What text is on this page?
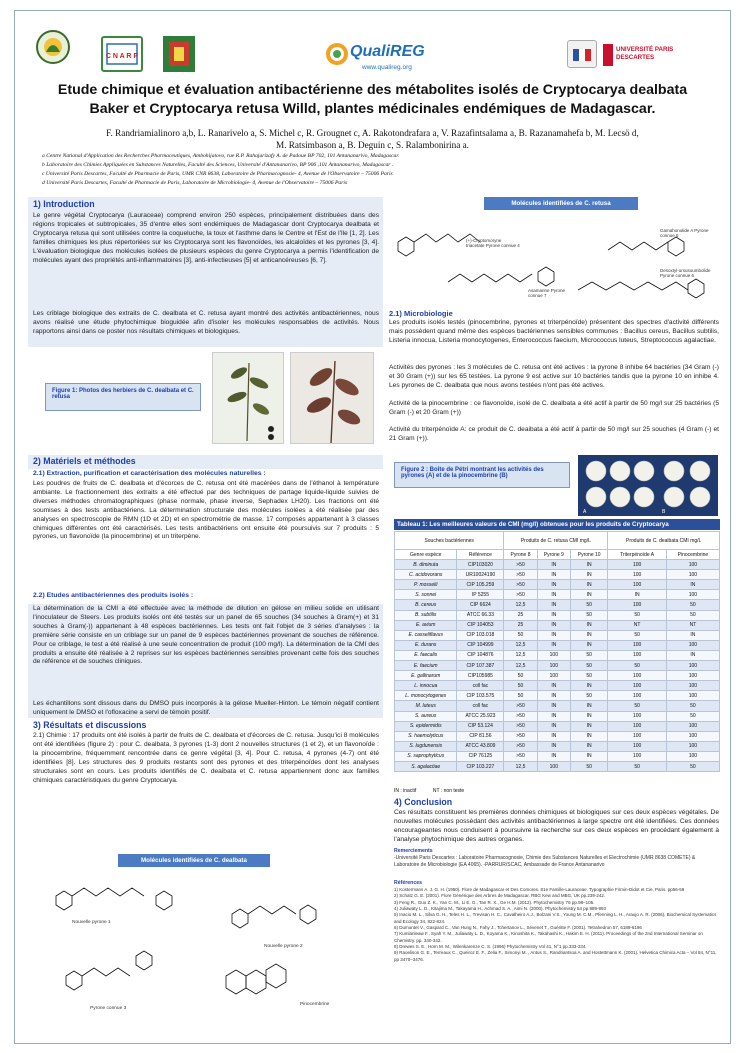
C N A R P	QualiREG
www.qualireg.org
UNIVERSITÉ PARIS DESCARTES
Etude chimique et évaluation antibactérienne des métabolites isolés de Cryptocarya dealbata
Baker et Cryptocarya retusa Willd, plantes médicinales endémiques de Madagascar.
F. Randriamialinoro a,b, L. Ranarivelo a, S. Michel c, R. Grougnet c, A. Rakotondrafara a, V. Razafintsalama a, B. Razanamahefa b, M. Lecsö d,
M. Ratsimbason a, B. Deguin c, S. Ralambonirina a.
a Centre National d'Application des Recherches Pharmaceutiques, Ambohijatovo, rue R.P. Rahajarizafy A. de Padoue BP 702, 101 Antananarivo, Madagascar.
b Laboratoire des Chimies Appliquées en Substances Naturelles, Faculté des Sciences, Université d'Antananarivo, BP 906 ,101 Antananarivo, Madagascar .
c Université Paris Descartes, Faculté de Pharmacie de Paris, UMR CNR 8638, Laboratoire de Pharmacognosie- 4, Avenue de l'Observatoire – 75006 Paris
d Université Paris Descartes, Faculté de Pharmacie de Paris, Laboratoire de Microbiologie- 4, Avenue de l'Observatoire – 75006 Paris
1) Introduction
Le genre végétal Cryptocarya (Lauraceae) comprend environ 250 espèces, principalement distribuées dans des régions tropicales et subtropicales, 35 d'entre elles sont endémiques de Madagascar dont Cryptocarya dealbata et Cryptocarya retusa qui sont utilisées contre la coqueluche, la toux et l'asthme dans le Centre et l'Est de l'Ile [1, 2]. Les familles chimiques les plus répertoriées sur les Cryptocarya sont les flavonoïdes, les alcaloïdes et les pyrones [3, 4]. L'évaluation biologique des molécules isolées de plusieurs espèces du genre Cryptocarya a permis l'identification de molécules ayant des propriétés anti-inflammatoires [3], anti-infectieuses [5] et anticancéreuses [6, 7].
Les criblage biologique des extraits de C. dealbata et C. retusa ayant montré des activités antibactériennes, nous avons réalisé une étude phytochimique bioguidée afin d'isoler les molécules responsables de activités. Nous rapportons ainsi dans ce poster nos résultats chimiques et biologiques.
Figure 1: Photos des herbiers de C. dealbata et C. retusa
Molécules identifiées de C. retusa
(+)-Cryptomoryne triacetate Pyrone connue 4
Gamahonolide A Pyrone connue 5
Asamarine Pyrone connue 7
Desoxtyl-ursusoumbolide Pyrone connue 6
2.1) Microbiologie
Les produits isolés testés (pinocembrine, pyrones et triterpénoïde) présentent des spectres d'activité différents mais possèdent quand même des espèces bactériennes sensibles communes : Bacillus cereus, Bacillus subtilis, Listeria innocua, Listeria monocytogenes, Enterococcus faecium, Micrococcus luteus, Streptococcus agalactiae.
Activités des pyrones : les 3 molécules de C. retusa ont été actives : la pyrone 8 inhibe 64 bactéries (34 Gram (-) et 30 Gram (+)) sur les 65 testées. La pyrone 9 est active sur 10 bactéries tandis que la pyrone 10 en inhibe 4. Les pyrones de C. dealbata que nous avons testées n'ont pas été actives.
Activité de la pinocembrine : ce flavonoïde, isolé de C. dealbata a été actif à partir de 50 mg/l sur 25 bactéries (5 Gram (-) et 20 Gram (+))
Activité du triterpénoïde A: ce produit de C. deaibata a été actif à partir de 50 mg/l sur 25 souches (4 Gram (-) et 21 Gram (+)).
Figure 2 : Boîte de Pétri montrant les activités des pyrones (A) et de la pinocembrine (B)
A	B
2) Matériels et méthodes
2.1) Extraction, purification et caractérisation des molécules naturelles :
Les poudres de fruits de C. dealbata et d'écorces de C. retusa ont été macérées dans de l'éthanol à température ambiante. Le fractionnement des extraits a été effectué par des techniques de partage liquide-liquide suivies de diverses méthodes chromatographiques (phase normale, phase inverse, Sephadex LH20). Les fractions ont été soumises à des tests antibactériens. La détermination structurale des molécules isolées a été réalisée par des analyses en spectroscopie de RMN (1D et 2D) et en spectrométrie de masse. 17 composés appartenant à 3 classes chimiques différentes ont été caractérisés. Les tests antibactériens ont ensuite été poursuivis sur 7 produits : 5 pyrones, un flavonoïde (la pinocembrine) et un triterpène.
2.2) Etudes antibactériennes des produits isolés :
La détermination de la CMI a été effectuée avec la méthode de dilution en gélose en milieu solide en utilisant l'inoculateur de Steers. Les produits isolés ont été testés sur un panel de 65 souches (34 souches à Gram(+) et 31 souches à Gram(-)) appartenant à 48 espèces bactériennes. Les tests ont fait l'objet de 3 séries d'analyses : la première série consiste en un criblage sur un panel de 9 espèces bactériennes provenant de souches de référence. Pour ce criblage, le test a été réalisé à une seule concentration de produit (100 mg/l). La détermination de la CMI des produits a ensuite été réalisée à 2 reprises sur les espèces bactériennes sensibles provenant cette fois des souches de référence et de souches cliniques.
Les échantillons sont dissous dans du DMSO puis incorporés à la gélose Mueller-Hinton. Le témoin négatif contient uniquement le DMSO et l'ofloxacine a servi de témoin positif.
3) Résultats et discussions
2.1) Chimie : 17 produits ont été isolés à partir de fruits de C. dealbata et d'écorces de C. retusa. Jusqu'ici 8 molécules ont été identifiées (figure 2) : pour C. dealbata, 3 pyrones (1-3) dont 2 nouvelles structures (1 et 2), et un flavonoïde : la pinocembrine, fréquemment rencontrée dans ce genre végétal [3, 4]. Pour C. retusa, 4 pyrones (4-7) ont été identifiées [8]. Les structures des 9 produits restants sont des pyrones et des triterpénoïdes dont les analyses structurales sont en cours. Les produits identifiés de C. deaibata et C. retusa appartiennent donc aux familles chimiques caractéristiques du genre Cryptocarya.
Molécules identifiées de C. dealbata
Nouvelle pyrone 1
Nouvelle pyrone 2
Pyrone connue 3
Pinocembrine
Tableau 1: Les meilleures valeurs de CMI (mg/l) obtenues pour les produits de Cryptocarya
Souches bactériennes		Produits de C. retusa CMI mg/L			Produits de C. dealbata CMI mg/L	
Genre espèce	Référence	Pyrone 8	Pyrone 9	Pyrone 10	Triterpénoïde A	Pinocembrine
B. diminuta	CIP103020	>50	IN	IN	100	100
C. acidovorans	UR10024190	>50	IN	IN	100	100
P. mosselii	CIP 105.259	>50	IN	IN	100	IN
S. sonnei	IP 5255	>50	IN	IN	IN	100
B. cereus	CIP 6624	12,5	IN	50	100	50
B. subtilis	ATCC 66.33	25	IN	50	50	50
E. avium	CIP 104053	25	IN	IN	NT	NT
E. casseliflavus	CIP 103.018	50	IN	IN	50	IN
E. durans	CIP 104999	12,5	IN	IN	100	100
E. faecalis	CIP 104876	12,5	100	50	100	IN
E. faecium	CIP 107.387	12,5	100	50	50	100
E. gallinarum	CIP105985	50	100	50	100	100
L. innocua	coll fac	50	IN	IN	100	100
L. monocytogenes	CIP 103.575	50	IN	50	100	100
M. luteus	coll fac	>50	IN	IN	50	50
S. aureus	ATCC 25.923	>50	IN	IN	100	50
S. epidermidis	CIP 53.124	>50	IN	IN	100	100
S. haemolyticus	CIP 81.56	>50	IN	IN	100	100
S. lugdunensis	ATCC 43.809	>50	IN	IN	100	100
S. saprophyticus	CIP 76125	>50	IN	IN	100	100
S. agalactiae	CIP 103.227	12,5	100	50	50	50
IN : inactif            NT : non teste
4) Conclusion
Ces résultats constituent les premières données chimiques et biologiques sur ces deux espèces végétales. De nouvelles molécules possèdant des activités antibactériennes à large spectre ont été identifiées. Ces données encourageantes nous conduisent à poursuivre la recherche sur ces deux espèces en procédant également à l'analyse phytochimique des autres organes.
Remerciements
-Université Paris Descartes : Laboratoire Pharmacognosie, Chimie des Substances Naturelles et Electrochimie (UMR 8638 COMETE) & Laboratoire de Microbiologie (EA 4065). -PARRUR/SCAC, Ambassade de France Antananarivo
Références
1) Kostermans A. J. G. H. (1950). Flore de Madagascar et Des Comores. 81e Famille-Lauraceae. Typographie Firmin-Didot et Cie, Paris. pp56-59
2) Schatz G. E. (2001). Flore Générique des Arbres de Madagascar. RBG Kew and MBG, UK pp.239-242.
3) Feng R., Guo Z. K., Yan C. M., Li E. G., Tan R. X., Ge H.M. (2012). Phytochemistry 76 pp.98–105.
4) Juliawaty L. D., Kitajima M., Takayama H., Achmad S. A., Aimi N. (2000). Phytochemistry 54 pp.989-993
5) Inacio M. L., Silva G. H., Teles H. L., Trevisan H. C., Cavalheiro A.J., Bolzani V.S., Young M. C.M., Pfenning L. H., Araujo A. R. (2006). Biochemical Systematics and Ecology 34, 822-824.
6) Dumontet V., Gaspard C., Van Hung N., Fahy J., Tchertanov L., Sévenet T., Guéritte F. (2001). Tetrahedron 57, 6189-6196
7) Kumlanleaw F., Syah Y. M., Juliawaty L. D., Koyama K., Kinoshita K., Takahashi K., Hakim E. H. (2011). Proceedings of the 2nd International Seminar on Chemistry. pp. 340-342.
8) Drewes S. E., Horn M. M., Wilenkarenze C. S. (1996) Phytochemistry Vol 41, N°1 pp.333-334.
9) Raoelison G. E., Terreaux C., Queiroz E. F., Zelia F., Simonyi M. , Antus S., Randriantsoa A. and Hostettmann K. (2001). Helvetica Chimica Acta – Vol 84, N°11, pp 3470–3476.
